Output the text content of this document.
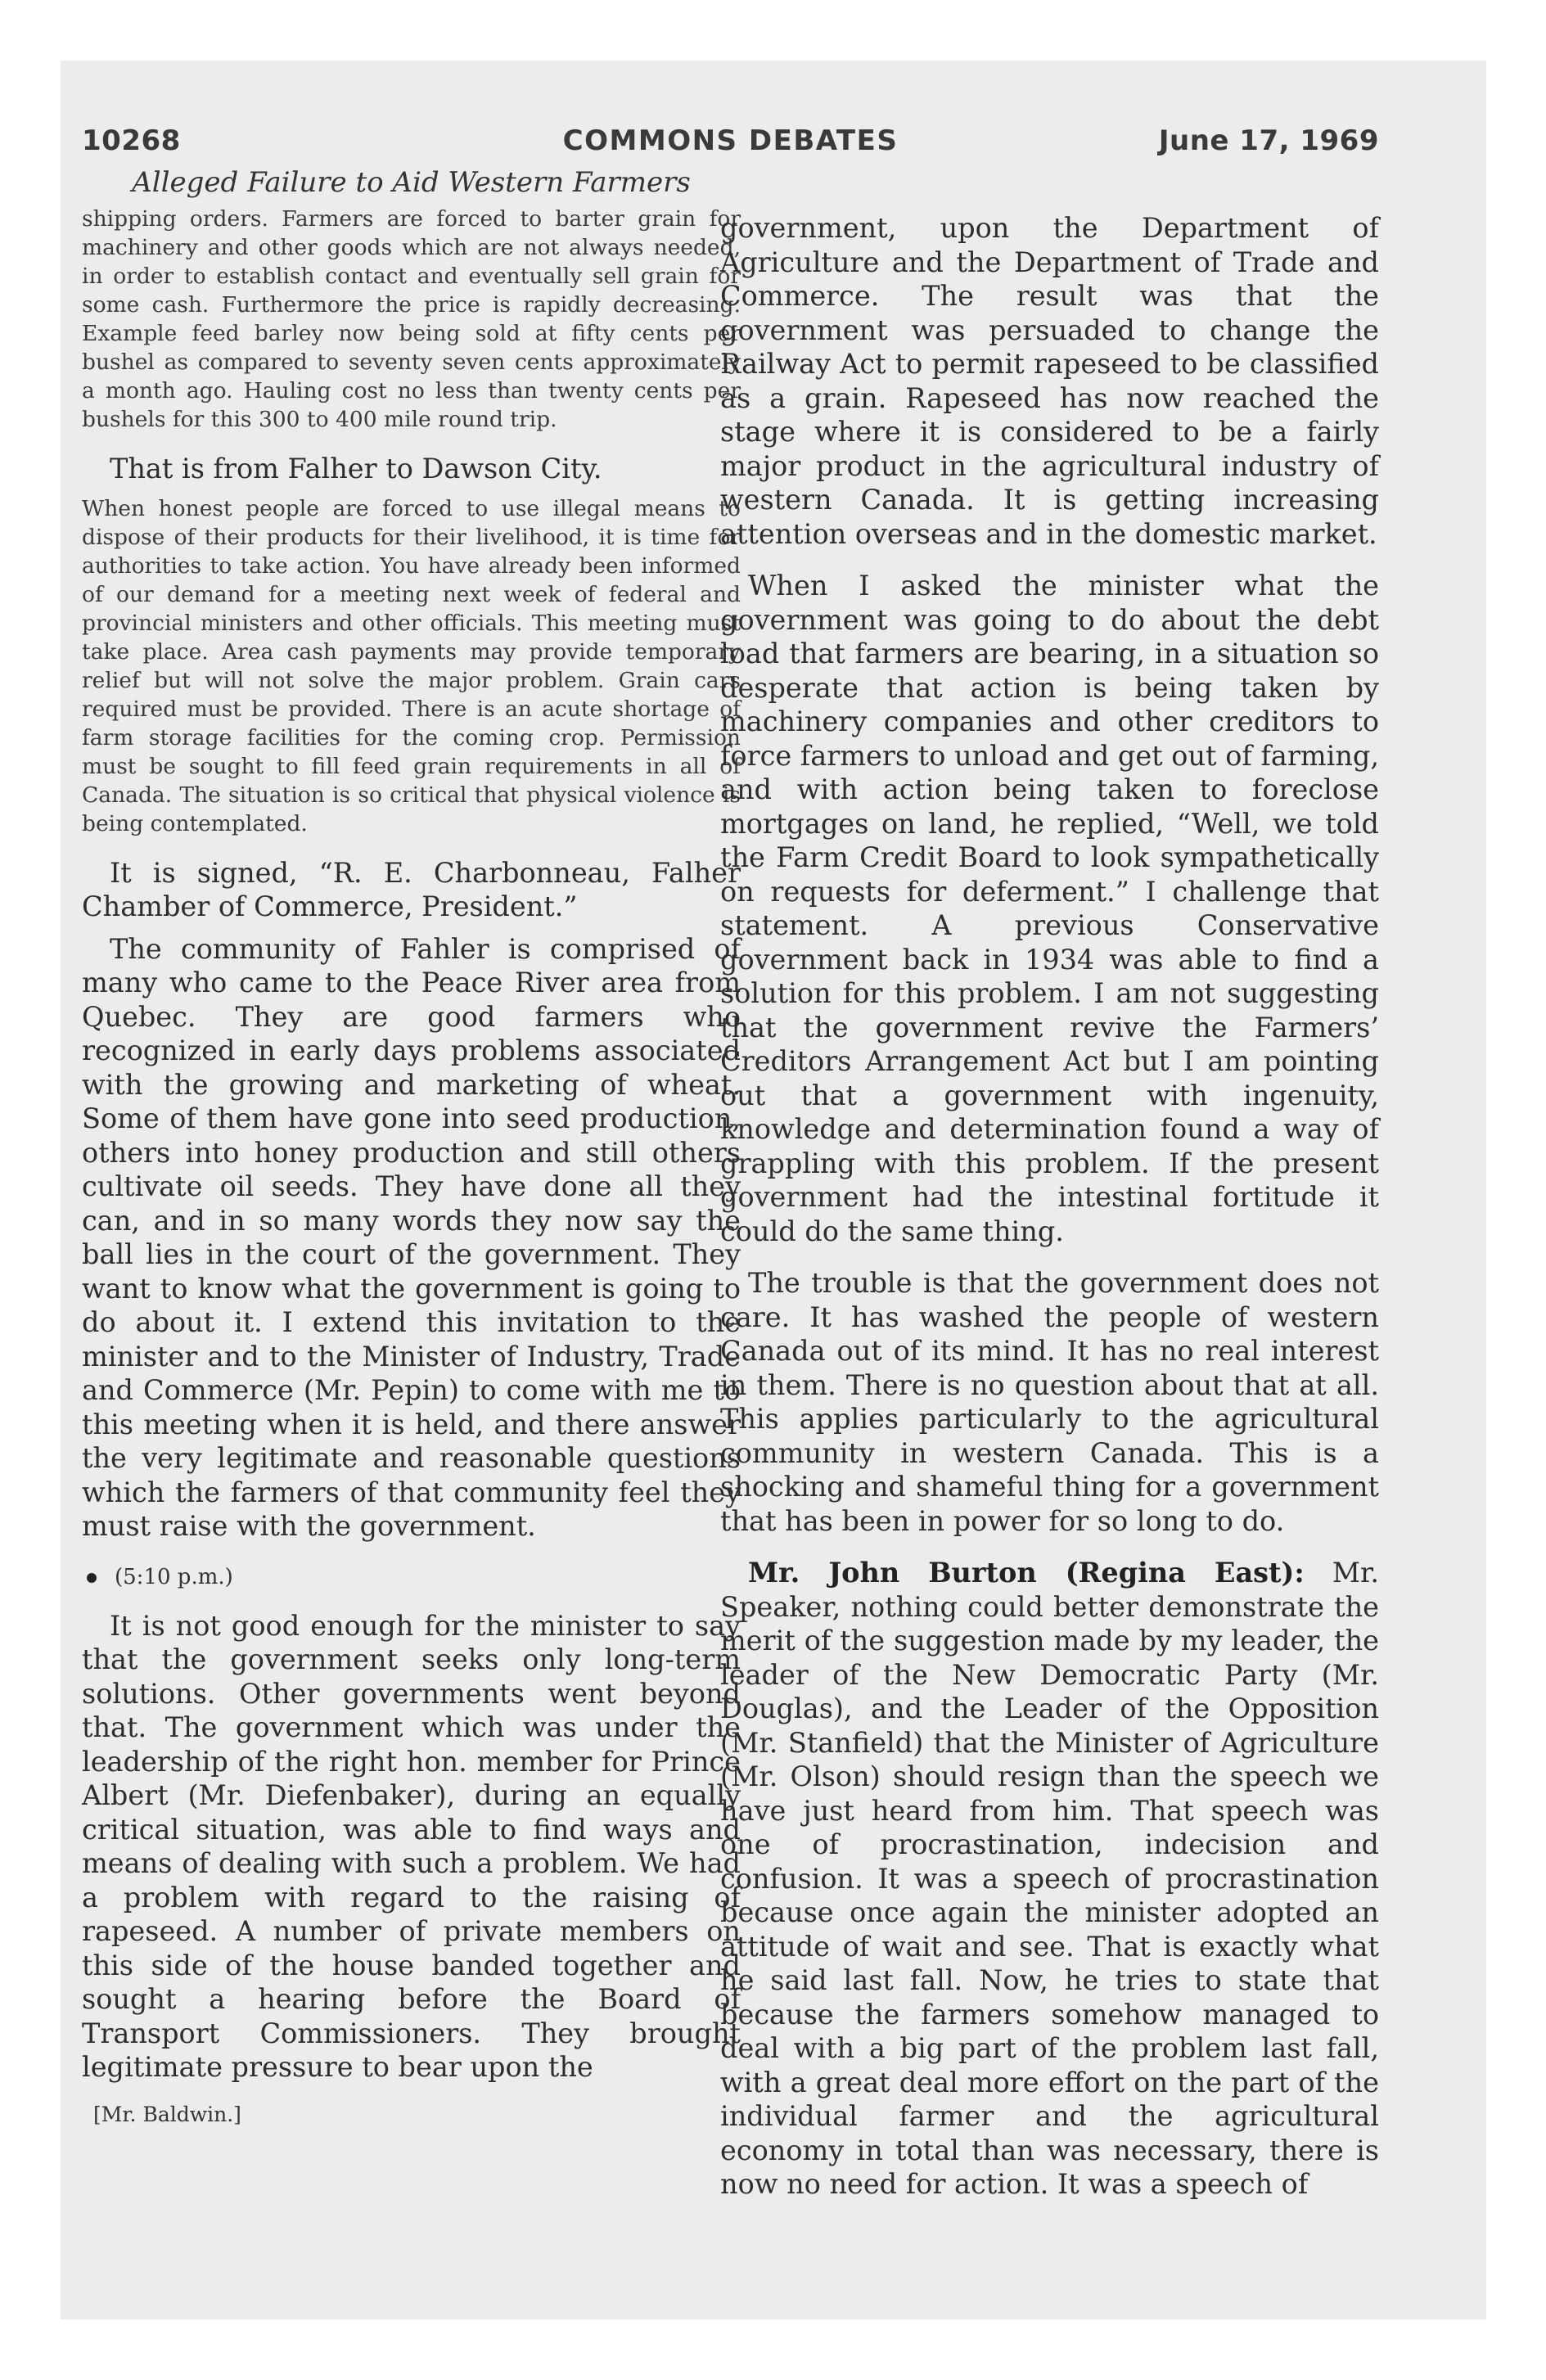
10268	COMMONS DEBATES	June 17, 1969
Alleged Failure to Aid Western Farmers

shipping orders. Farmers are forced to barter grain for machinery and other goods which are not always needed, in order to establish contact and eventually sell grain for some cash. Furthermore the price is rapidly decreasing. Example feed barley now being sold at fifty cents per bushel as compared to seventy seven cents approximately a month ago. Hauling cost no less than twenty cents per bushels for this 300 to 400 mile round trip.

That is from Falher to Dawson City.

When honest people are forced to use illegal means to dispose of their products for their livelihood, it is time for authorities to take action. You have already been informed of our demand for a meeting next week of federal and provincial ministers and other officials. This meeting must take place. Area cash payments may provide temporary relief but will not solve the major problem. Grain cars required must be provided. There is an acute shortage of farm storage facilities for the coming crop. Permission must be sought to fill feed grain requirements in all of Canada. The situation is so critical that physical violence is being contemplated.

It is signed, “R. E. Charbonneau, Falher Chamber of Commerce, President.”

The community of Fahler is comprised of many who came to the Peace River area from Quebec. They are good farmers who recognized in early days problems associated with the growing and marketing of wheat. Some of them have gone into seed production, others into honey production and still others cultivate oil seeds. They have done all they can, and in so many words they now say the ball lies in the court of the government. They want to know what the government is going to do about it. I extend this invitation to the minister and to the Minister of Industry, Trade and Commerce (Mr. Pepin) to come with me to this meeting when it is held, and there answer the very legitimate and reasonable questions which the farmers of that community feel they must raise with the government.

(5:10 p.m.)

It is not good enough for the minister to say that the government seeks only long-term solutions. Other governments went beyond that. The government which was under the leadership of the right hon. member for Prince Albert (Mr. Diefenbaker), during an equally critical situation, was able to find ways and means of dealing with such a problem. We had a problem with regard to the raising of rapeseed. A number of private members on this side of the house banded together and sought a hearing before the Board of Transport Commissioners. They brought legitimate pressure to bear upon the

[Mr. Baldwin.]

government, upon the Department of Agriculture and the Department of Trade and Commerce. The result was that the government was persuaded to change the Railway Act to permit rapeseed to be classified as a grain. Rapeseed has now reached the stage where it is considered to be a fairly major product in the agricultural industry of western Canada. It is getting increasing attention overseas and in the domestic market.

When I asked the minister what the government was going to do about the debt load that farmers are bearing, in a situation so desperate that action is being taken by machinery companies and other creditors to force farmers to unload and get out of farming, and with action being taken to foreclose mortgages on land, he replied, “Well, we told the Farm Credit Board to look sympathetically on requests for deferment.” I challenge that statement. A previous Conservative government back in 1934 was able to find a solution for this problem. I am not suggesting that the government revive the Farmers’ Creditors Arrangement Act but I am pointing out that a government with ingenuity, knowledge and determination found a way of grappling with this problem. If the present government had the intestinal fortitude it could do the same thing.

The trouble is that the government does not care. It has washed the people of western Canada out of its mind. It has no real interest in them. There is no question about that at all. This applies particularly to the agricultural community in western Canada. This is a shocking and shameful thing for a government that has been in power for so long to do.

Mr. John Burton (Regina East): Mr. Speaker, nothing could better demonstrate the merit of the suggestion made by my leader, the leader of the New Democratic Party (Mr. Douglas), and the Leader of the Opposition (Mr. Stanfield) that the Minister of Agriculture (Mr. Olson) should resign than the speech we have just heard from him. That speech was one of procrastination, indecision and confusion. It was a speech of procrastination because once again the minister adopted an attitude of wait and see. That is exactly what he said last fall. Now, he tries to state that because the farmers somehow managed to deal with a big part of the problem last fall, with a great deal more effort on the part of the individual farmer and the agricultural economy in total than was necessary, there is now no need for action. It was a speech of
